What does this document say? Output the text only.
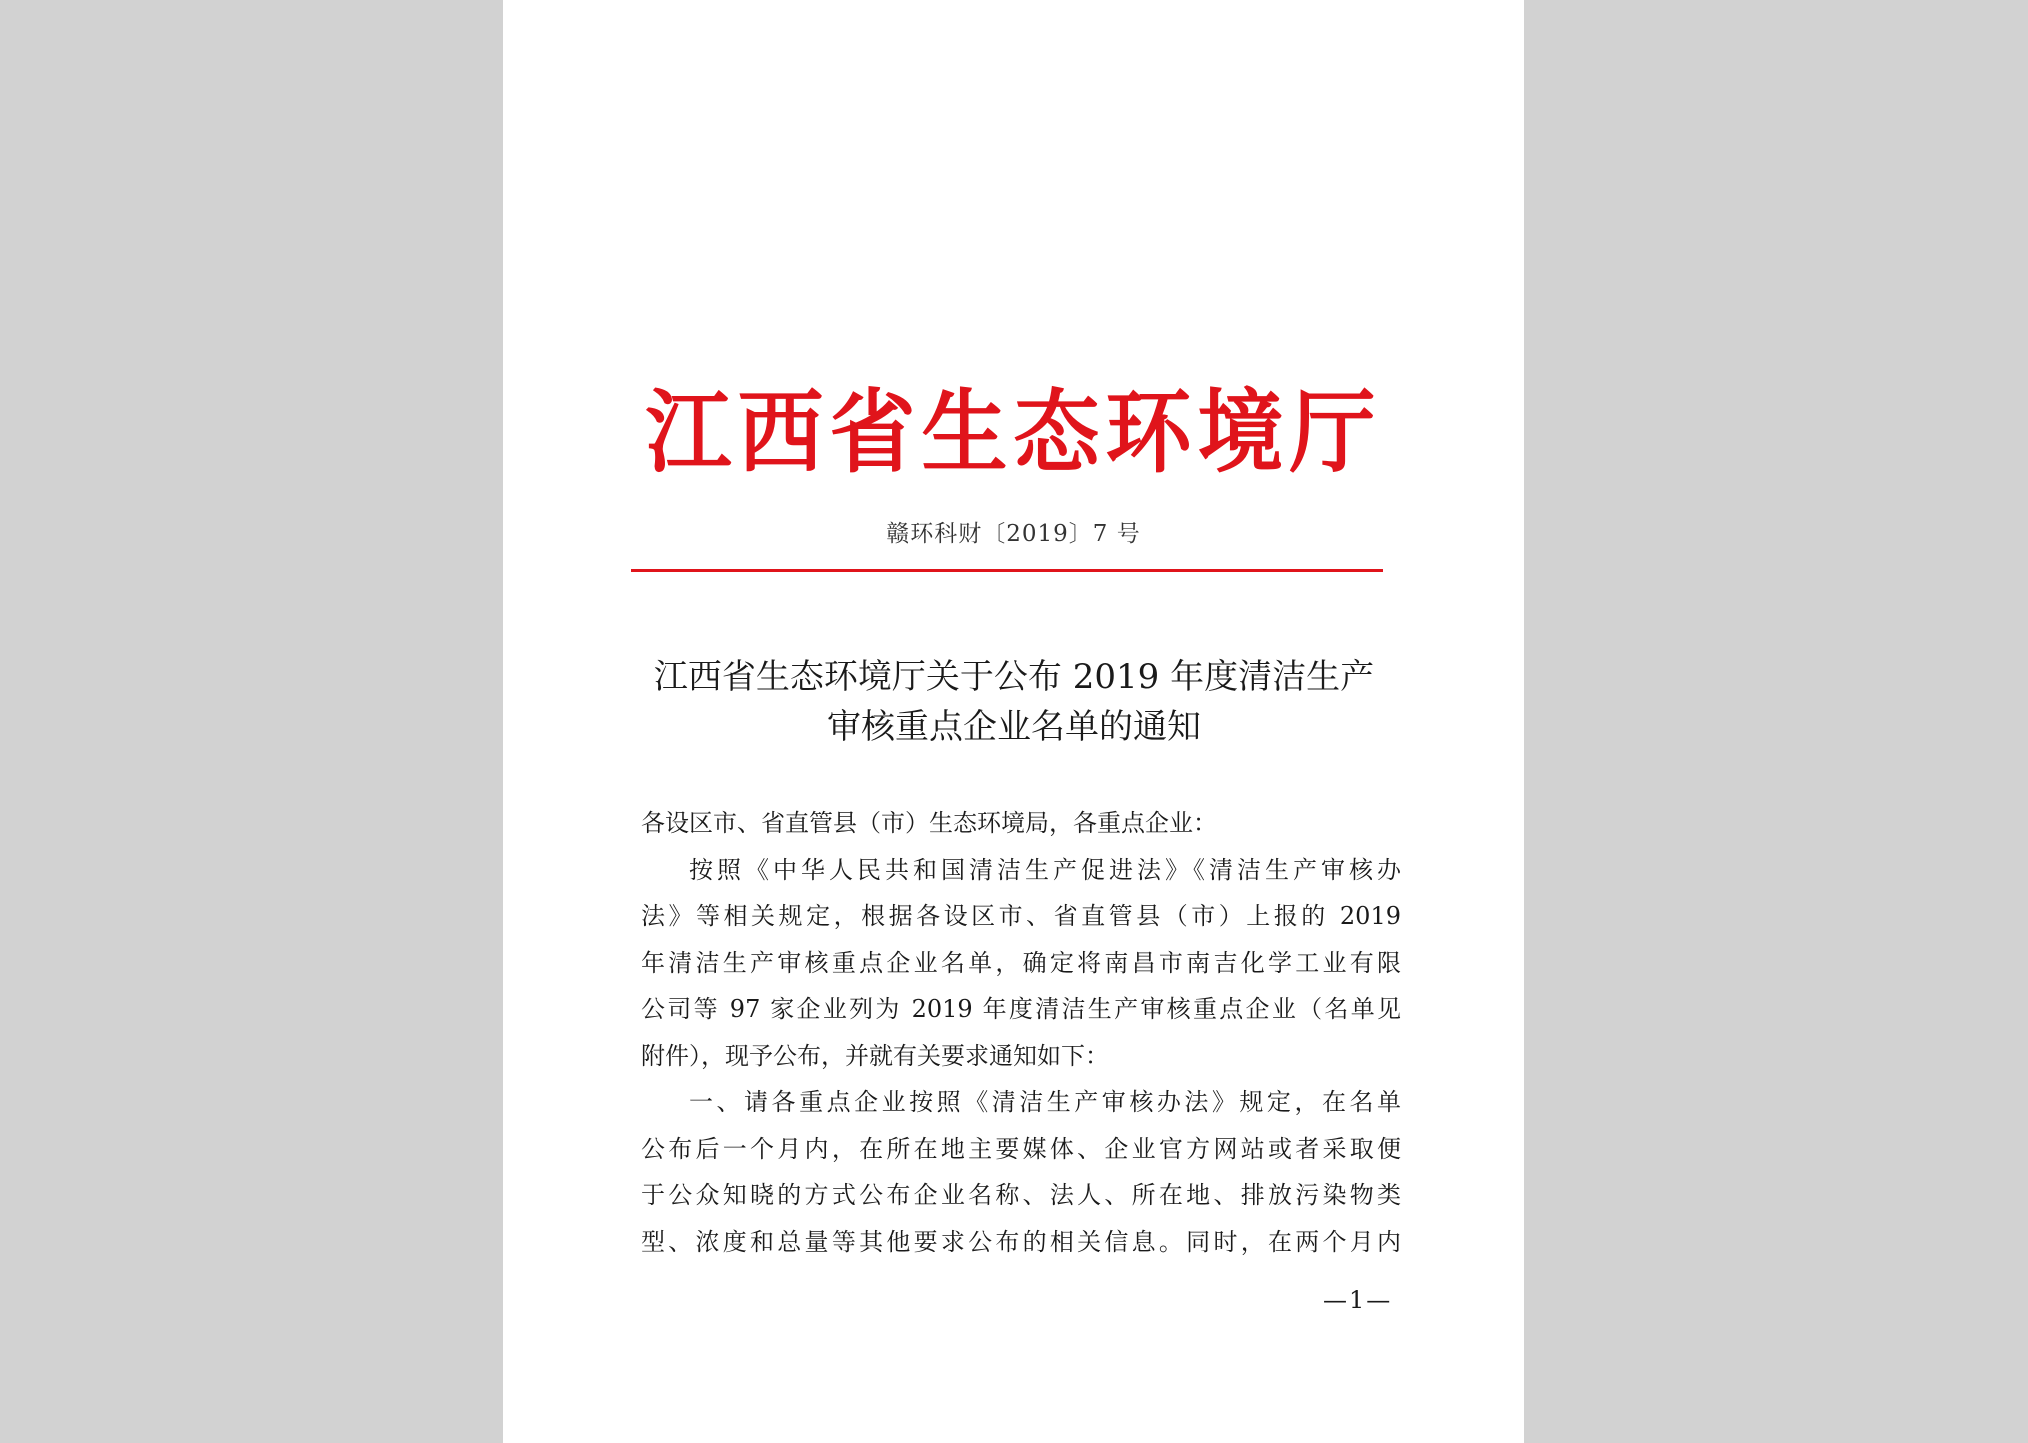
江西省生态环境厅
赣环科财〔2019〕7 号
江西省生态环境厅关于公布 2019 年度清洁生产
审核重点企业名单的通知
各设区市、省直管县（市）生态环境局，各重点企业：
按照《中华人民共和国清洁生产促进法》《清洁生产审核办
法》等相关规定，根据各设区市、省直管县（市）上报的 2019
年清洁生产审核重点企业名单，确定将南昌市南吉化学工业有限
公司等 97 家企业列为 2019 年度清洁生产审核重点企业（名单见
附件），现予公布，并就有关要求通知如下：
一、请各重点企业按照《清洁生产审核办法》规定，在名单
公布后一个月内，在所在地主要媒体、企业官方网站或者采取便
于公众知晓的方式公布企业名称、法人、所在地、排放污染物类
型、浓度和总量等其他要求公布的相关信息。同时，在两个月内
—1—
